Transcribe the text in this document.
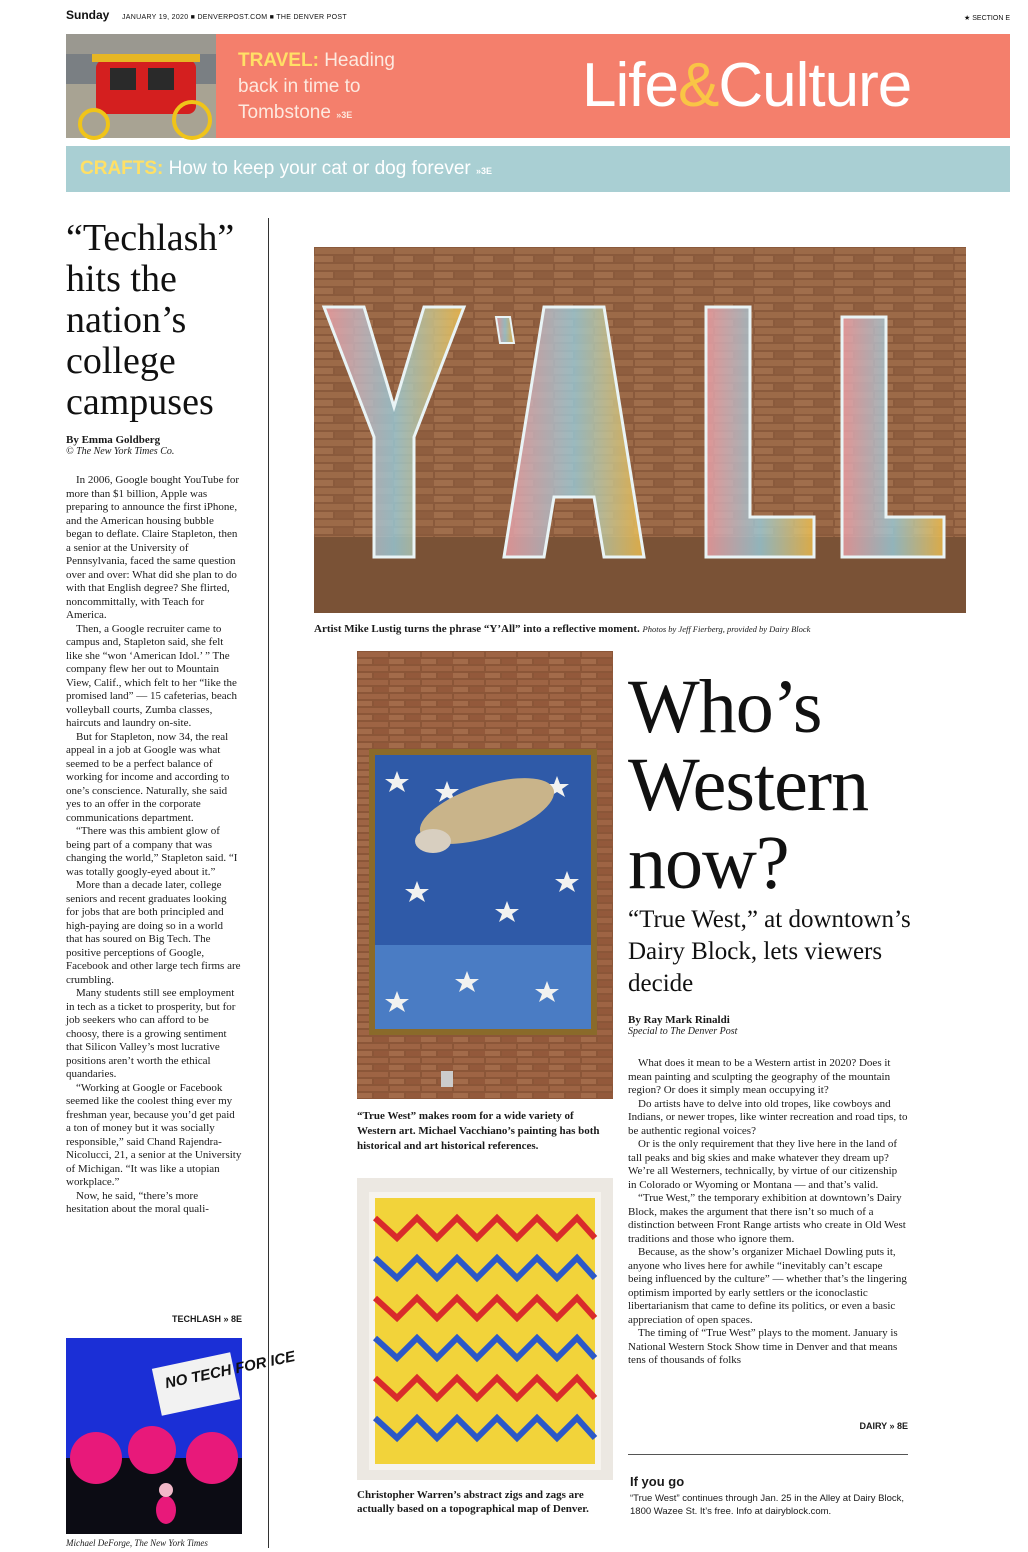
Sunday JANUARY 19, 2020 ■ DENVERPOST.COM ■ THE DENVER POST	★ SECTION E
TRAVEL: Heading back in time to Tombstone »3E	Life&Culture
CRAFTS: How to keep your cat or dog forever »3E
“Techlash” hits the nation’s college campuses
By Emma Goldberg
© The New York Times Co.

In 2006, Google bought YouTube for more than $1 billion, Apple was preparing to announce the first iPhone, and the American housing bubble began to deflate. Claire Stapleton, then a senior at the University of Pennsylvania, faced the same question over and over: What did she plan to do with that English degree? She flirted, noncommittally, with Teach for America.

Then, a Google recruiter came to campus and, Stapleton said, she felt like she “won ‘American Idol.’ ” The company flew her out to Mountain View, Calif., which felt to her “like the promised land” — 15 cafeterias, beach volleyball courts, Zumba classes, haircuts and laundry on-site.

But for Stapleton, now 34, the real appeal in a job at Google was what seemed to be a perfect balance of working for income and according to one’s conscience. Naturally, she said yes to an offer in the corporate communications department.

“There was this ambient glow of being part of a company that was changing the world,” Stapleton said. “I was totally googly-eyed about it.”

More than a decade later, college seniors and recent graduates looking for jobs that are both principled and high-paying are doing so in a world that has soured on Big Tech. The positive perceptions of Google, Facebook and other large tech firms are crumbling.

Many students still see employment in tech as a ticket to prosperity, but for job seekers who can afford to be choosy, there is a growing sentiment that Silicon Valley’s most lucrative positions aren’t worth the ethical quandaries.

“Working at Google or Facebook seemed like the coolest thing ever my freshman year, because you’d get paid a ton of money but it was socially responsible,” said Chand Rajendra-Nicolucci, 21, a senior at the University of Michigan. “It was like a utopian workplace.”

Now, he said, “there’s more hesitation about the moral quali-

TECHLASH » 8E
NO TECH FOR ICE
Michael DeForge, The New York Times
Artist Mike Lustig turns the phrase “Y’All” into a reflective moment. Photos by Jeff Fierberg, provided by Dairy Block
“True West” makes room for a wide variety of Western art. Michael Vacchiano’s painting has both historical and art historical references.
Christopher Warren’s abstract zigs and zags are actually based on a topographical map of Denver.
Who’s Western now?
“True West,” at downtown’s Dairy Block, lets viewers decide
By Ray Mark Rinaldi
Special to The Denver Post

What does it mean to be a Western artist in 2020? Does it mean painting and sculpting the geography of the mountain region? Or does it simply mean occupying it?

Do artists have to delve into old tropes, like cowboys and Indians, or newer tropes, like winter recreation and road tips, to be authentic regional voices?

Or is the only requirement that they live here in the land of tall peaks and big skies and make whatever they dream up? We’re all Westerners, technically, by virtue of our citizenship in Colorado or Wyoming or Montana — and that’s valid.

“True West,” the temporary exhibition at downtown’s Dairy Block, makes the argument that there isn’t so much of a distinction between Front Range artists who create in Old West traditions and those who ignore them.

Because, as the show’s organizer Michael Dowling puts it, anyone who lives here for awhile “inevitably can’t escape being influenced by the culture” — whether that’s the lingering optimism imported by early settlers or the iconoclastic libertarianism that came to define its politics, or even a basic appreciation of open spaces.

The timing of “True West” plays to the moment. January is National Western Stock Show time in Denver and that means tens of thousands of folks

DAIRY » 8E
If you go
“True West” continues through Jan. 25 in the Alley at Dairy Block, 1800 Wazee St. It’s free. Info at dairyblock.com.
